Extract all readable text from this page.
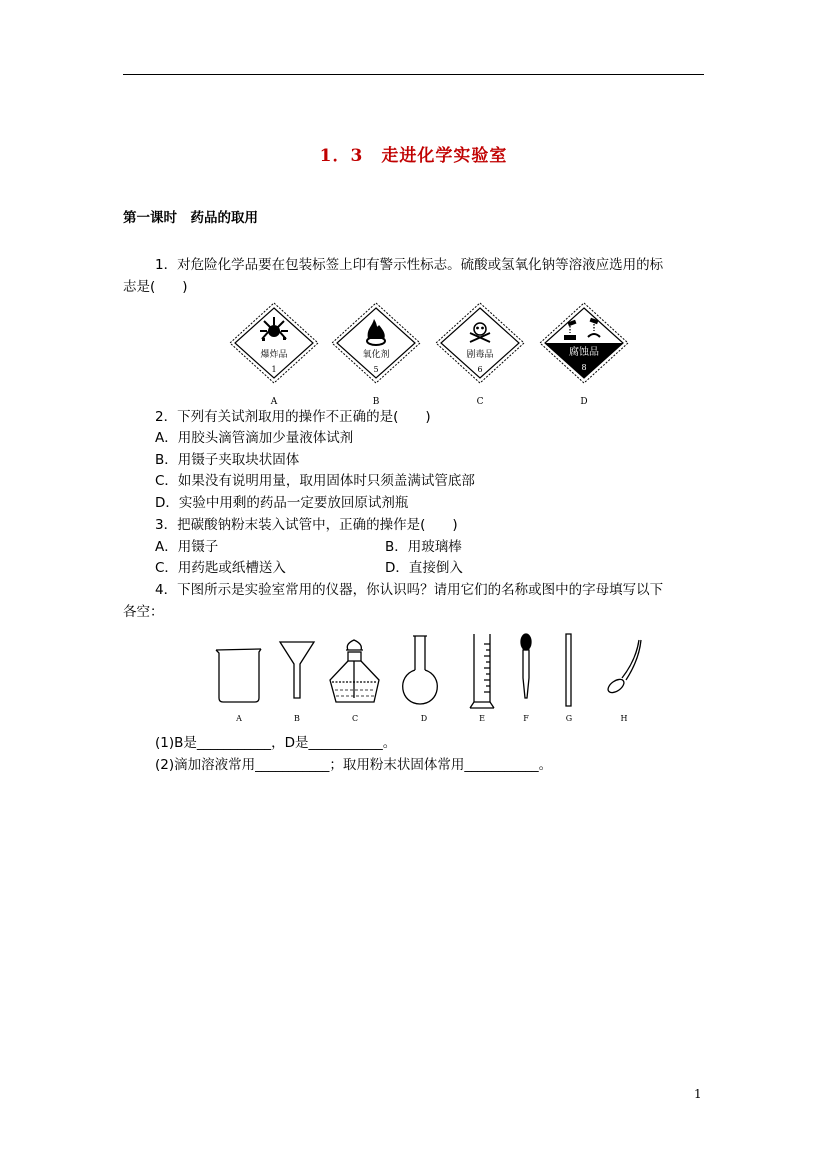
1．3　走进化学实验室
第一课时　药品的取用
1．对危险化学品要在包装标签上印有警示性标志。硫酸或氢氧化钠等溶液应选用的标
志是(　　)
爆炸品
1
A
氧化剂
5
B
剧毒品
6
C
腐蚀品
8
D
2．下列有关试剂取用的操作不正确的是(　　)
A．用胶头滴管滴加少量液体试剂
B．用镊子夹取块状固体
C．如果没有说明用量，取用固体时只须盖满试管底部
D．实验中用剩的药品一定要放回原试剂瓶
3．把碳酸钠粉末装入试管中，正确的操作是(　　)
A．用镊子	B．用玻璃棒
C．用药匙或纸槽送入	D．直接倒入
4．下图所示是实验室常用的仪器，你认识吗？请用它们的名称或图中的字母填写以下
各空：
A	B	C	D	E	F	G	H
(1)B是___________，D是___________。
(2)滴加溶液常用___________；取用粉末状固体常用___________。
1
